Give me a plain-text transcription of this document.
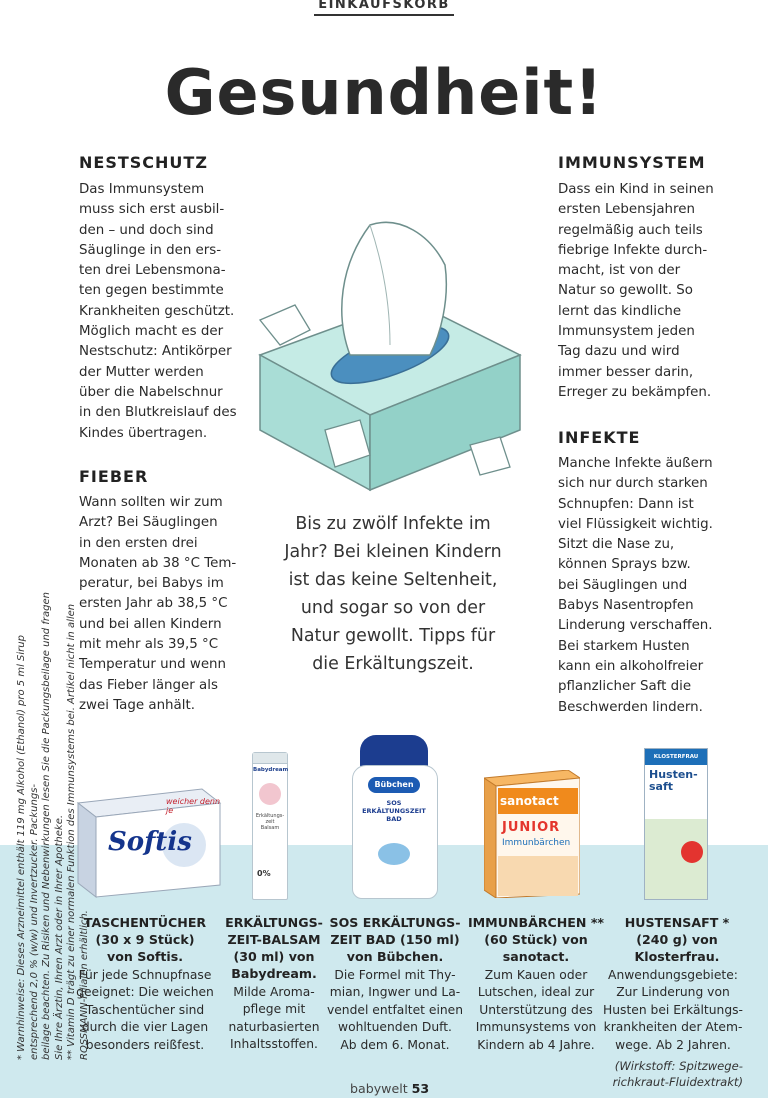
EINKAUFSKORB
Gesundheit!
NESTSCHUTZ
Das Immunsystem
muss sich erst ausbil-
den – und doch sind
Säuglinge in den ers-
ten drei Lebensmona-
ten gegen bestimmte
Krankheiten geschützt.
Möglich macht es der
Nestschutz: Antikörper
der Mutter werden
über die Nabelschnur
in den Blutkreislauf des
Kindes übertragen.
FIEBER
Wann sollten wir zum
Arzt? Bei Säuglingen
in den ersten drei
Monaten ab 38 °C Tem-
peratur, bei Babys im
ersten Jahr ab 38,5 °C
und bei allen Kindern
mit mehr als 39,5 °C
Temperatur und wenn
das Fieber länger als
zwei Tage anhält.
IMMUNSYSTEM
Dass ein Kind in seinen
ersten Lebensjahren
regelmäßig auch teils
fiebrige Infekte durch-
macht, ist von der
Natur so gewollt. So
lernt das kindliche
Immunsystem jeden
Tag dazu und wird
immer besser darin,
Erreger zu bekämpfen.
INFEKTE
Manche Infekte äußern
sich nur durch starken
Schnupfen: Dann ist
viel Flüssigkeit wichtig.
Sitzt die Nase zu,
können Sprays bzw.
bei Säuglingen und
Babys Nasentropfen
Linderung verschaffen.
Bei starkem Husten
kann ein alkoholfreier
pflanzlicher Saft die
Beschwerden lindern.
Bis zu zwölf Infekte im
Jahr? Bei kleinen Kindern
ist das keine Seltenheit,
und sogar so von der
Natur gewollt. Tipps für
die Erkältungszeit.
* Warnhinweise: Dieses Arzneimittel enthält 119 mg Alkohol (Ethanol) pro 5 ml Sirup entsprechend 2,0 % (w/w) und Invertzucker. Packungs-
beilage beachten. Zu Risiken und Nebenwirkungen lesen Sie die Packungsbeilage und fragen Sie Ihre Ärztin, Ihren Arzt oder in Ihrer Apotheke.
** Vitamin D trägt zu einer normalen Funktion des Immunsystems bei. Artikel nicht in allen ROSSMANN-Filialen erhältlich.
Softis
weicher denn je
Babydream
Erkältungs-
zeit
Balsam
0%
Bübchen
SOS
ERKÄLTUNGSZEIT
BAD
sanotact
JUNIOR
Immunbärchen
KLOSTERFRAU
Husten-
saft
TASCHENTÜCHER
(30 x 9 Stück)
von Softis.
Für jede Schnupfnase
geeignet: Die weichen
Taschentücher sind
durch die vier Lagen
besonders reißfest.
ERKÄLTUNGS-
ZEIT-BALSAM
(30 ml) von
Babydream.
Milde Aroma-
pflege mit
naturbasierten
Inhaltsstoffen.
SOS ERKÄLTUNGS-
ZEIT BAD (150 ml)
von Bübchen.
Die Formel mit Thy-
mian, Ingwer und La-
vendel entfaltet einen
wohltuenden Duft.
Ab dem 6. Monat.
IMMUNBÄRCHEN **
(60 Stück) von
sanotact.
Zum Kauen oder
Lutschen, ideal zur
Unterstützung des
Immunsystems von
Kindern ab 4 Jahre.
HUSTENSAFT *
(240 g) von
Klosterfrau.
Anwendungsgebiete:
Zur Linderung von
Husten bei Erkältungs-
krankheiten der Atem-
wege. Ab 2 Jahren.
(Wirkstoff: Spitzwege-
richkraut-Fluidextrakt)
babywelt 53
